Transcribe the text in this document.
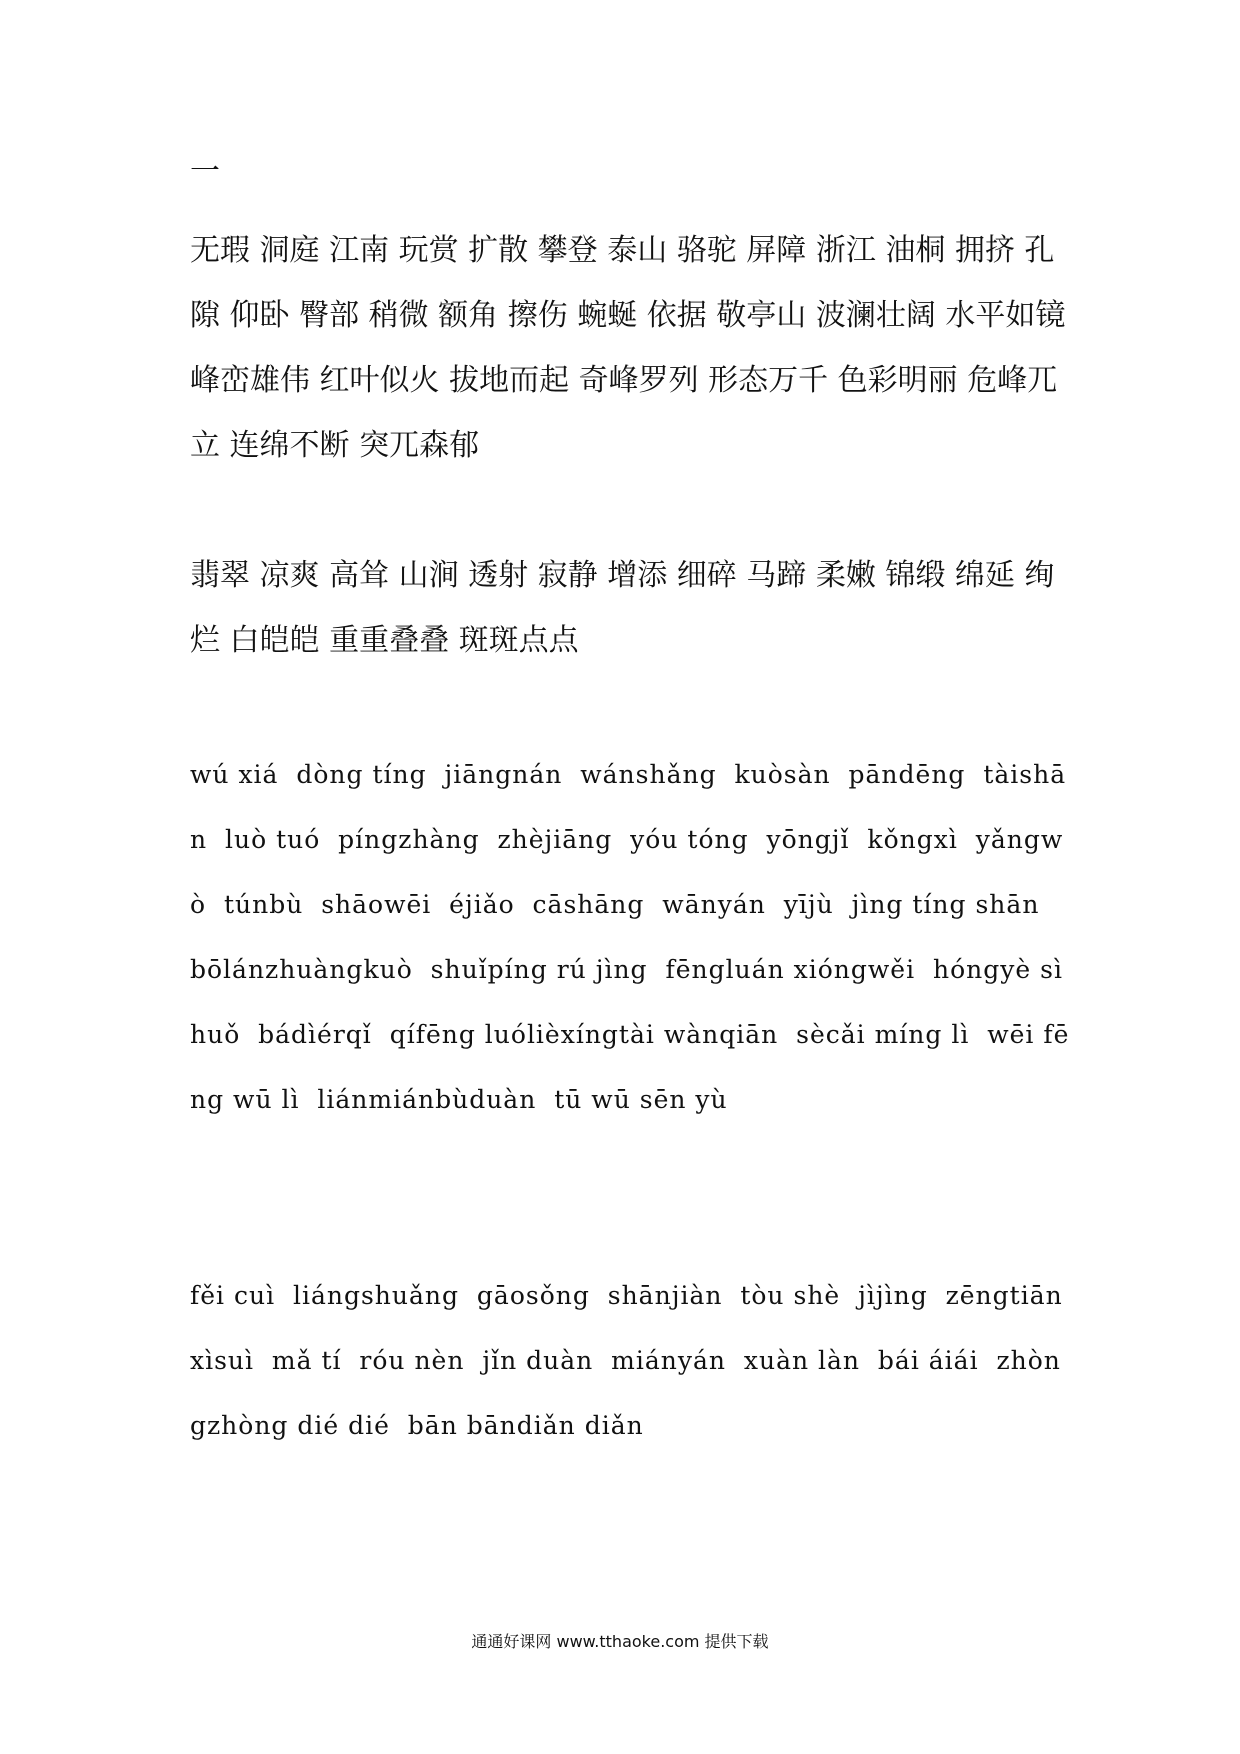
一

无瑕 洞庭 江南 玩赏 扩散 攀登 泰山 骆驼 屏障 浙江 油桐 拥挤 孔隙 仰卧 臀部 稍微 额角 擦伤 蜿蜒 依据 敬亭山 波澜壮阔 水平如镜 峰峦雄伟 红叶似火 拔地而起 奇峰罗列 形态万千 色彩明丽 危峰兀立 连绵不断 突兀森郁

翡翠 凉爽 高耸 山涧 透射 寂静 增添 细碎 马蹄 柔嫩 锦缎 绵延 绚烂 白皑皑 重重叠叠 斑斑点点

wú xiá  dòng tíng  jiāngnán  wánshǎng  kuòsàn  pāndēng  tàishān  luò tuó  píngzhàng  zhèjiāng  yóu tóng  yōngjǐ  kǒngxì  yǎngwò  túnbù  shāowēi  éjiǎo  cāshāng  wānyán  yījù  jìng tíng shān  bōlánzhuàngkuò  shuǐpíng rú jìng  fēngluán xióngwěi  hóngyè sì huǒ  bádìérqǐ  qífēng luólièxíngtài wànqiān  sècǎi míng lì  wēi fēng wū lì  liánmiánbùduàn  tū wū sēn yù

fěi cuì  liángshuǎng  gāosǒng  shānjiàn  tòu shè  jìjìng  zēngtiān  xìsuì  mǎ tí  róu nèn  jǐn duàn  miányán  xuàn làn  bái áiái  zhòngzhòng dié dié  bān bāndiǎn diǎn

通通好课网 www.tthaoke.com 提供下载
